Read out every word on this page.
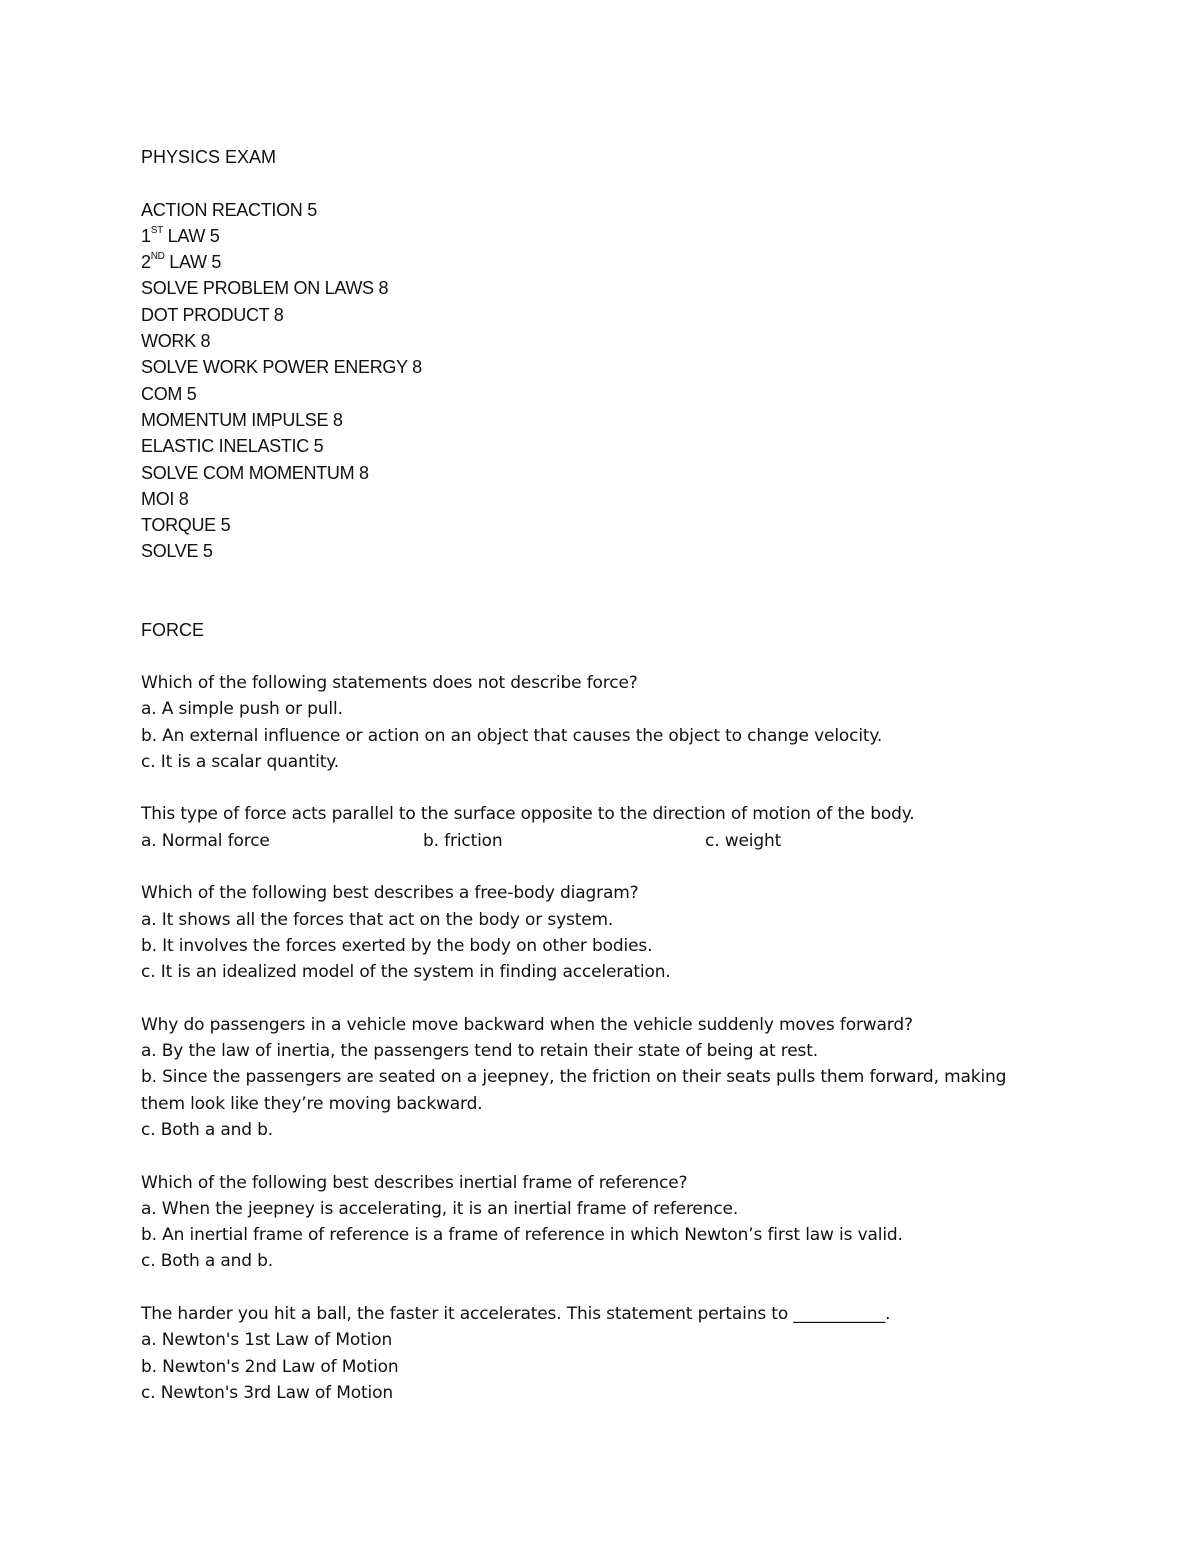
PHYSICS EXAM
ACTION REACTION 5
1ST LAW 5
2ND LAW 5
SOLVE PROBLEM ON LAWS 8
DOT PRODUCT 8
WORK 8
SOLVE WORK POWER ENERGY 8
COM 5
MOMENTUM IMPULSE 8
ELASTIC INELASTIC 5
SOLVE COM MOMENTUM 8
MOI 8
TORQUE 5
SOLVE 5
FORCE
Which of the following statements does not describe force?
a. A simple push or pull.
b. An external influence or action on an object that causes the object to change velocity.
c. It is a scalar quantity.
This type of force acts parallel to the surface opposite to the direction of motion of the body.
a. Normal force	b. friction	c. weight
Which of the following best describes a free-body diagram?
a. It shows all the forces that act on the body or system.
b. It involves the forces exerted by the body on other bodies.
c. It is an idealized model of the system in finding acceleration.
Why do passengers in a vehicle move backward when the vehicle suddenly moves forward?
a. By the law of inertia, the passengers tend to retain their state of being at rest.
b. Since the passengers are seated on a jeepney, the friction on their seats pulls them forward, making
them look like they’re moving backward.
c. Both a and b.
Which of the following best describes inertial frame of reference?
a. When the jeepney is accelerating, it is an inertial frame of reference.
b. An inertial frame of reference is a frame of reference in which Newton’s first law is valid.
c. Both a and b.
The harder you hit a ball, the faster it accelerates. This statement pertains to ___________.
a. Newton's 1st Law of Motion
b. Newton's 2nd Law of Motion
c. Newton's 3rd Law of Motion
